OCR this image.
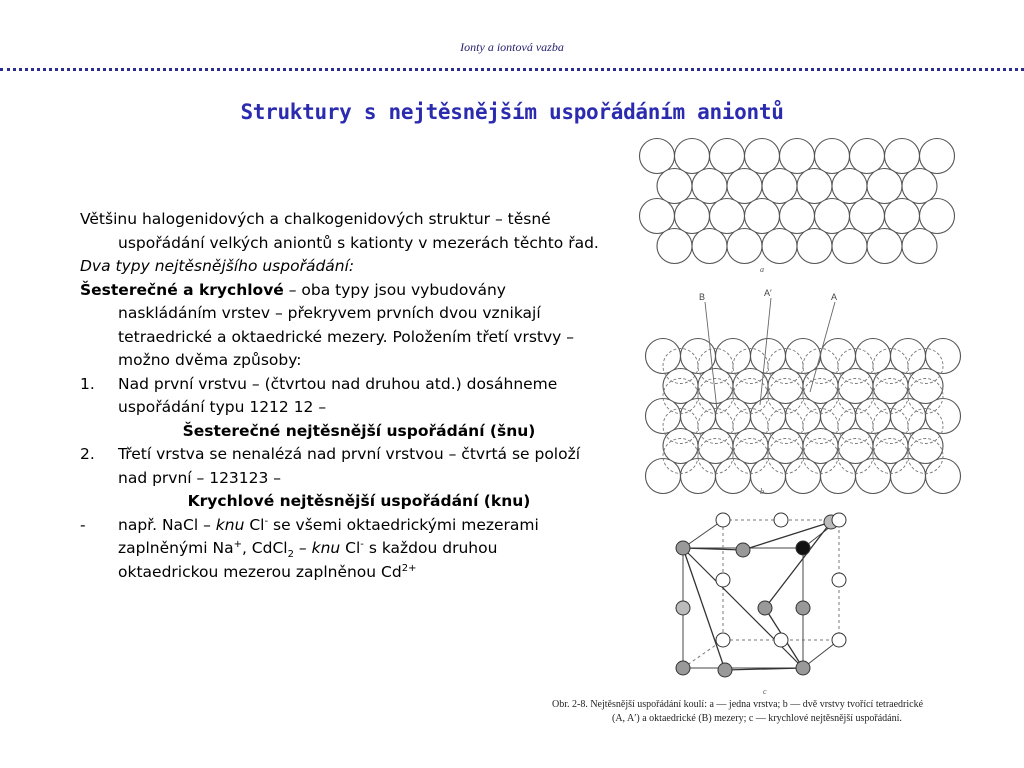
Ionty a iontová vazba
Struktury s nejtěsnějším uspořádáním aniontů

Většinu halogenidových a chalkogenidových struktur – těsné uspořádání velkých aniontů s kationty v mezerách těchto řad.

Dva typy nejtěsnějšího uspořádání:

Šesterečné a krychlové – oba typy jsou vybudovány naskládáním vrstev – překryvem prvních dvou vznikají tetraedrické a oktaedrické mezery. Položením třetí vrstvy – možno dvěma způsoby:

1. Nad první vrstvu – (čtvrtou nad druhou atd.) dosáhneme uspořádání typu 1212 12 –

Šesterečné nejtěsnější uspořádání (šnu)

2. Třetí vrstva se nenalézá nad první vrstvou – čtvrtá se položí nad první – 123123 –

Krychlové nejtěsnější uspořádání (knu)

- např. NaCl – knu Cl- se všemi oktaedrickými mezerami zaplněnými Na+, CdCl$_2$ – knu Cl- s každou druhou oktaedrickou mezerou zaplněnou $Cd^{2+}$

a
B	A′	A
b
c
Obr. 2-8. Nejtěsnější uspořádání koulí: a — jedna vrstva; b — dvě vrstvy tvořící tetraedrické
(A, A′) a oktaedrické (B) mezery; c — krychlové nejtěsnější uspořádání.
